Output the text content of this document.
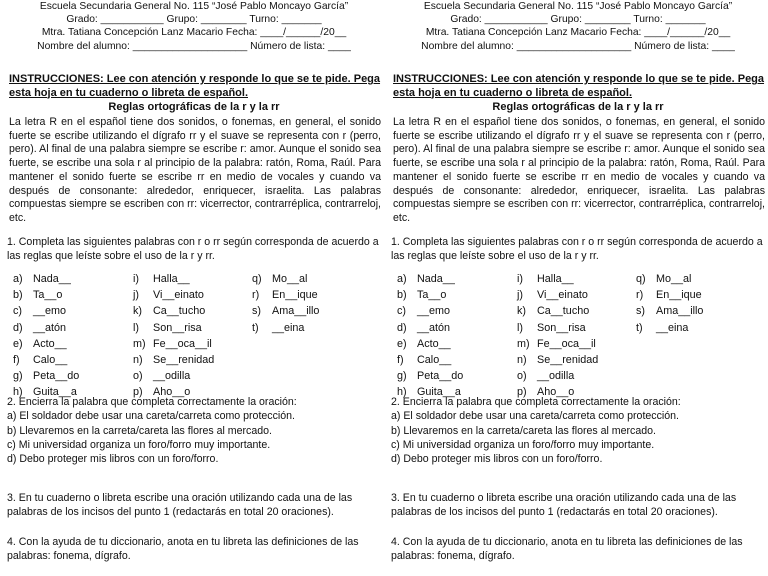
Escuela Secundaria General No. 115 “José Pablo Moncayo García”
Grado: ___________ Grupo: ________ Turno: _______
Mtra. Tatiana Concepción Lanz Macario Fecha: ____/______/20__
Nombre del alumno: ____________________ Número de lista: ____
INSTRUCCIONES: Lee con atención y responde lo que se te pide. Pega esta hoja en tu cuaderno o libreta de español.
Reglas ortográficas de la r y la rr
La letra R en el español tiene dos sonidos, o fonemas, en general, el sonido fuerte se escribe utilizando el dígrafo rr y el suave se representa con r (perro, pero). Al final de una palabra siempre se escribe r: amor. Aunque el sonido sea fuerte, se escribe una sola r al principio de la palabra: ratón, Roma, Raúl. Para mantener el sonido fuerte se escribe rr en medio de vocales y cuando va después de consonante: alrededor, enriquecer, israelita. Las palabras compuestas siempre se escriben con rr: vicerrector, contrarréplica, contrarreloj, etc.
1. Completa las siguientes palabras con r o rr según corresponda de acuerdo a las reglas que leíste sobre el uso de la r y rr.
a) Nada__
b) Ta__o
c) __emo
d) __atón
e) Acto__
f) Calo__
g) Peta__do
h) Guita__a
i) Halla__
j) Vi__einato
k) Ca__tucho
l) Son__risa
m) Fe__oca__il
n) Se__renidad
o) __odilla
p) Aho__o
q) Mo__al
r) En__ique
s) Ama__illo
t) __eina
2. Encierra la palabra que completa correctamente la oración:
a) El soldador debe usar una careta/carreta como protección.
b) Llevaremos en la carreta/careta las flores al mercado.
c) Mi universidad organiza un foro/forro muy importante.
d) Debo proteger mis libros con un foro/forro.
3. En tu cuaderno o libreta escribe una oración utilizando cada una de las palabras de los incisos del punto 1 (redactarás en total 20 oraciones).
4. Con la ayuda de tu diccionario, anota en tu libreta las definiciones de las palabras: fonema, dígrafo.
Escuela Secundaria General No. 115 “José Pablo Moncayo García”
Grado: ___________ Grupo: ________ Turno: _______
Mtra. Tatiana Concepción Lanz Macario Fecha: ____/______/20__
Nombre del alumno: ____________________ Número de lista: ____
INSTRUCCIONES: Lee con atención y responde lo que se te pide. Pega esta hoja en tu cuaderno o libreta de español.
Reglas ortográficas de la r y la rr
La letra R en el español tiene dos sonidos, o fonemas, en general, el sonido fuerte se escribe utilizando el dígrafo rr y el suave se representa con r (perro, pero). Al final de una palabra siempre se escribe r: amor. Aunque el sonido sea fuerte, se escribe una sola r al principio de la palabra: ratón, Roma, Raúl. Para mantener el sonido fuerte se escribe rr en medio de vocales y cuando va después de consonante: alrededor, enriquecer, israelita. Las palabras compuestas siempre se escriben con rr: vicerrector, contrarréplica, contrarreloj, etc.
1. Completa las siguientes palabras con r o rr según corresponda de acuerdo a las reglas que leíste sobre el uso de la r y rr.
a) Nada__
b) Ta__o
c) __emo
d) __atón
e) Acto__
f) Calo__
g) Peta__do
h) Guita__a
i) Halla__
j) Vi__einato
k) Ca__tucho
l) Son__risa
m) Fe__oca__il
n) Se__renidad
o) __odilla
p) Aho__o
q) Mo__al
r) En__ique
s) Ama__illo
t) __eina
2. Encierra la palabra que completa correctamente la oración:
a) El soldador debe usar una careta/carreta como protección.
b) Llevaremos en la carreta/careta las flores al mercado.
c) Mi universidad organiza un foro/forro muy importante.
d) Debo proteger mis libros con un foro/forro.
3. En tu cuaderno o libreta escribe una oración utilizando cada una de las palabras de los incisos del punto 1 (redactarás en total 20 oraciones).
4. Con la ayuda de tu diccionario, anota en tu libreta las definiciones de las palabras: fonema, dígrafo.
